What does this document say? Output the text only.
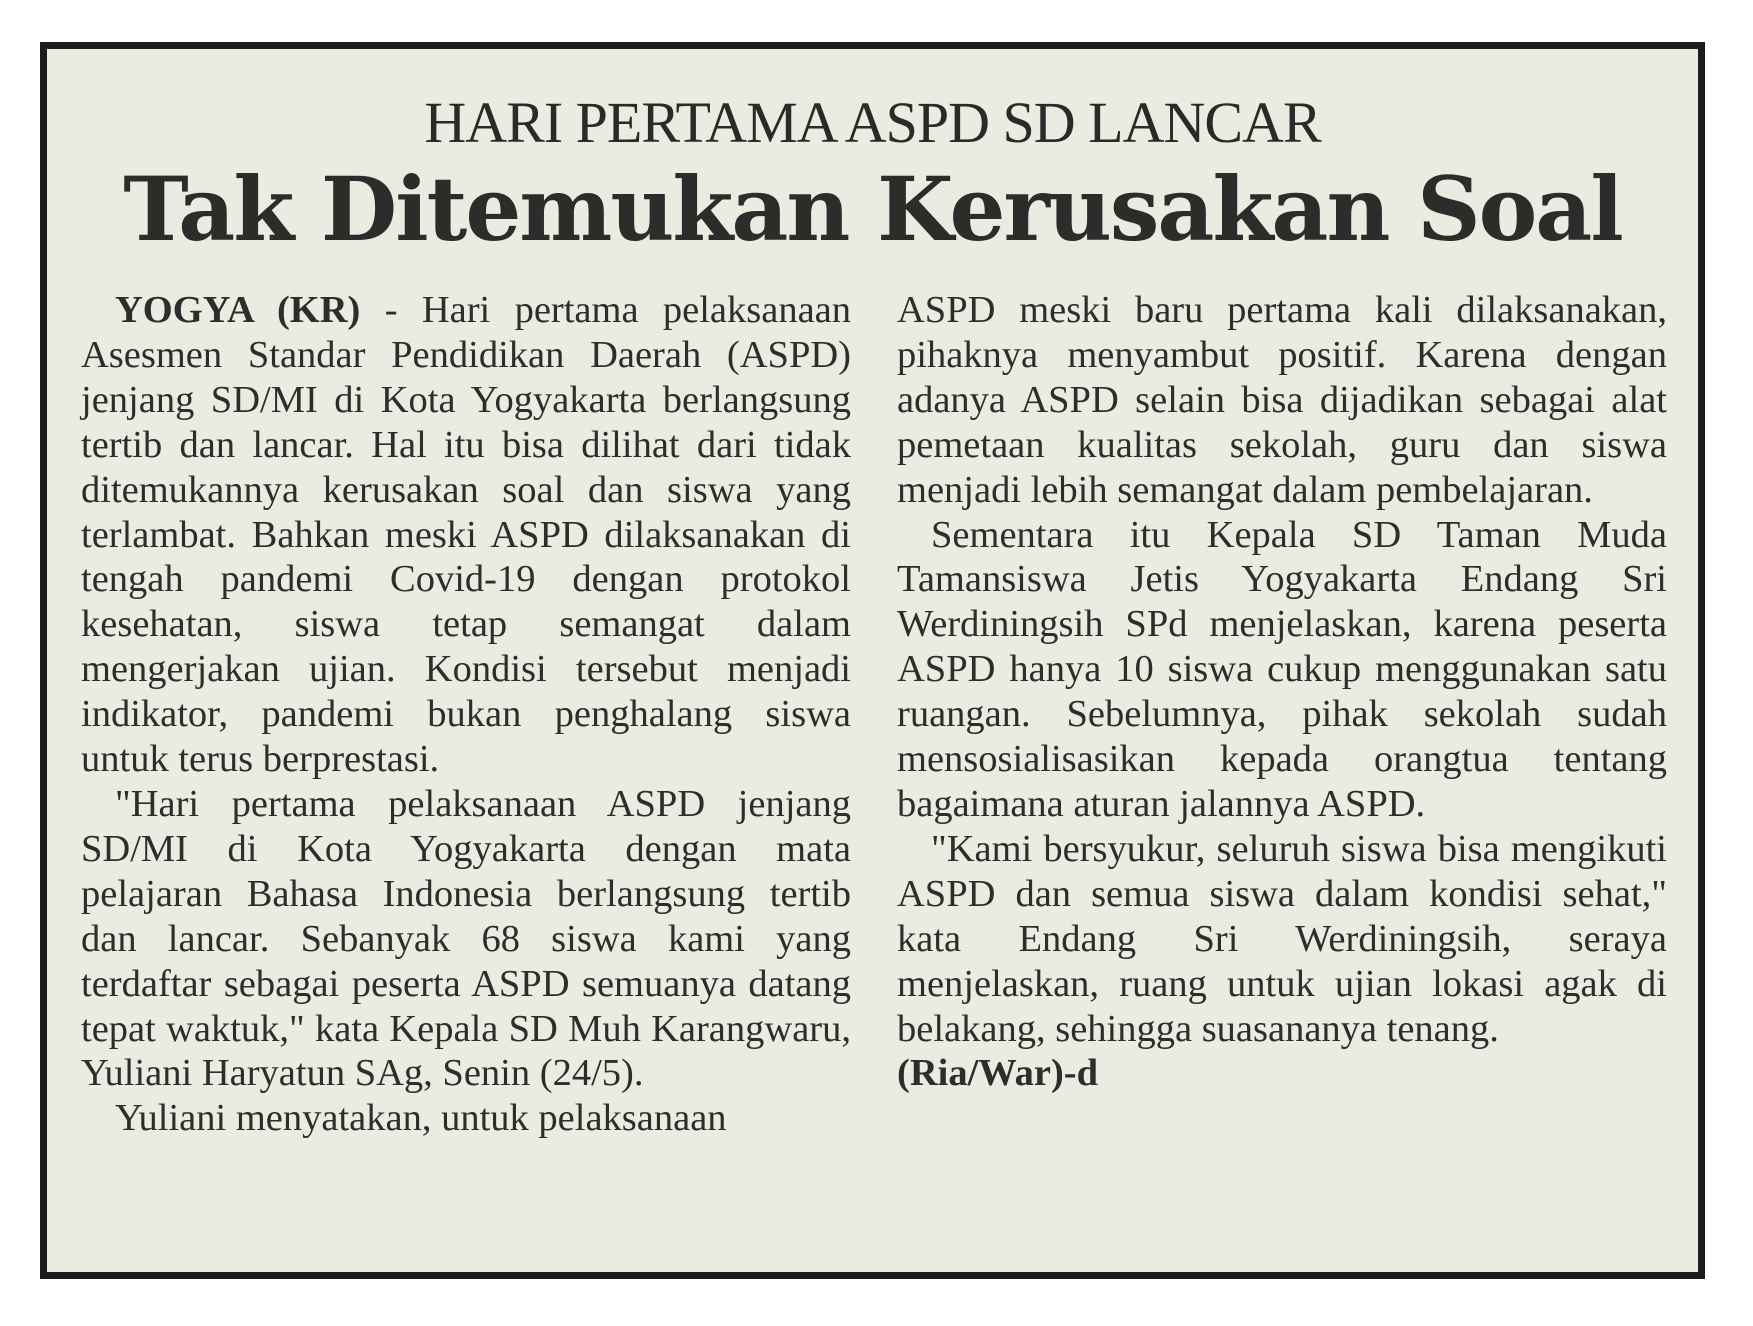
HARI PERTAMA ASPD SD LANCAR
Tak Ditemukan Kerusakan Soal

YOGYA (KR) - Hari pertama pelaksanaan Asesmen Standar Pendidikan Daerah (ASPD) jenjang SD/MI di Kota Yogyakarta berlangsung tertib dan lancar. Hal itu bisa dilihat dari tidak ditemukannya kerusakan soal dan siswa yang terlambat. Bahkan meski ASPD dilaksanakan di tengah pandemi Covid-19 dengan protokol kesehatan, siswa tetap semangat dalam mengerjakan ujian. Kondisi tersebut menjadi indikator, pandemi bukan penghalang siswa untuk terus berprestasi.

"Hari pertama pelaksanaan ASPD jenjang SD/MI di Kota Yogyakarta dengan mata pelajaran Bahasa Indonesia berlangsung tertib dan lancar. Sebanyak 68 siswa kami yang terdaftar sebagai peserta ASPD semuanya datang tepat waktuk," kata Kepala SD Muh Karangwaru, Yuliani Haryatun SAg, Senin (24/5).

Yuliani menyatakan, untuk pelaksanaan

ASPD meski baru pertama kali dilaksanakan, pihaknya menyambut positif. Karena dengan adanya ASPD selain bisa dijadikan sebagai alat pemetaan kualitas sekolah, guru dan siswa menjadi lebih semangat dalam pembelajaran.

Sementara itu Kepala SD Taman Muda Tamansiswa Jetis Yogyakarta Endang Sri Werdiningsih SPd menjelaskan, karena peserta ASPD hanya 10 siswa cukup menggunakan satu ruangan. Sebelumnya, pihak sekolah sudah mensosialisasikan kepada orangtua tentang bagaimana aturan jalannya ASPD.

"Kami bersyukur, seluruh siswa bisa mengikuti ASPD dan semua siswa dalam kondisi sehat," kata Endang Sri Werdiningsih, seraya menjelaskan, ruang untuk ujian lokasi agak di belakang, sehingga suasananya tenang.

(Ria/War)-d
